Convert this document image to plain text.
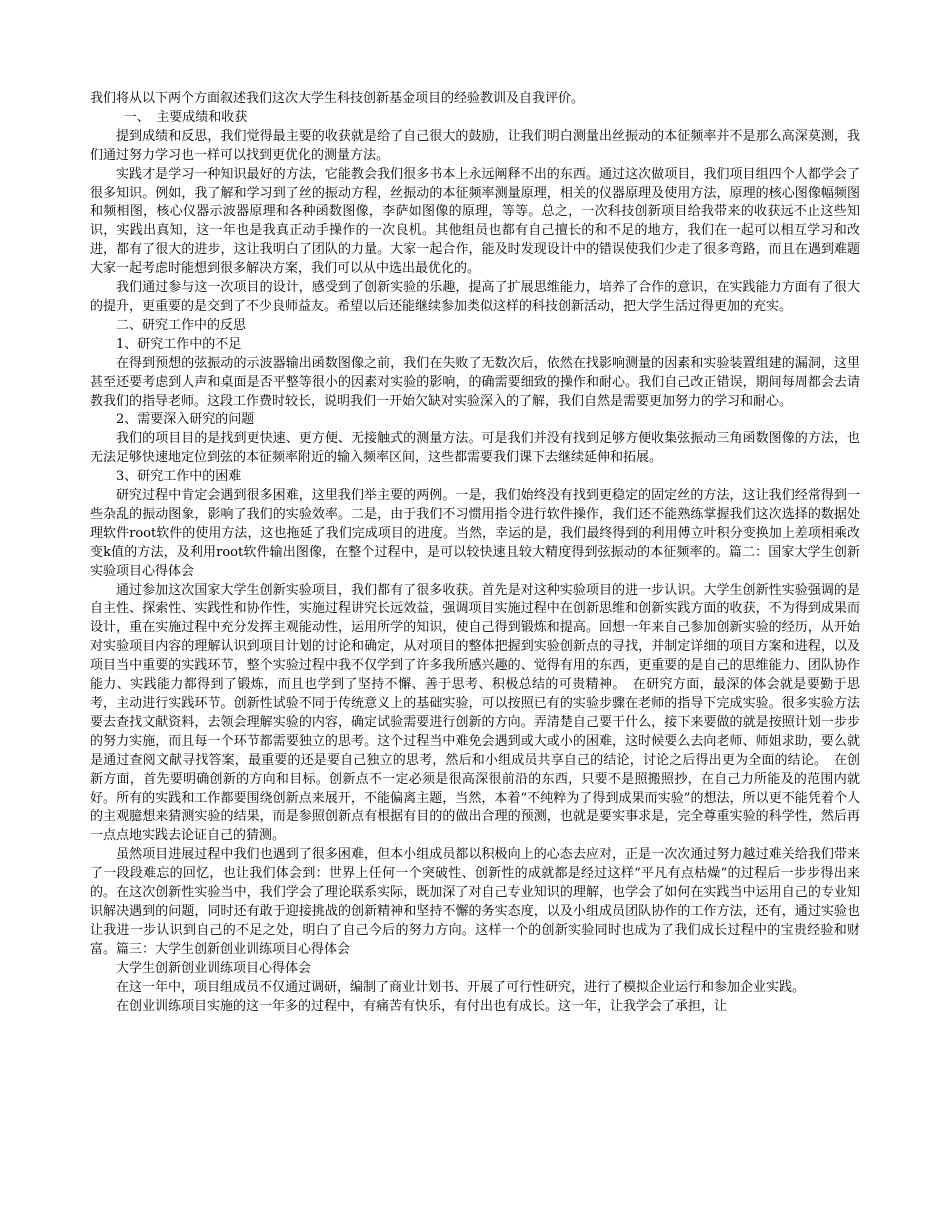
我们将从以下两个方面叙述我们这次大学生科技创新基金项目的经验教训及自我评价。

一、　主要成绩和收获

提到成绩和反思，我们觉得最主要的收获就是给了自己很大的鼓励，让我们明白测量出丝振动的本征频率并不是那么高深莫测，我们通过努力学习也一样可以找到更优化的测量方法。

实践才是学习一种知识最好的方法，它能教会我们很多书本上永远阐释不出的东西。通过这次做项目，我们项目组四个人都学会了很多知识。例如，我了解和学习到了丝的振动方程，丝振动的本征频率测量原理，相关的仪器原理及使用方法，原理的核心图像幅频图和频相图，核心仪器示波器原理和各种函数图像，李萨如图像的原理，等等。总之，一次科技创新项目给我带来的收获远不止这些知识，实践出真知，这一年也是我真正动手操作的一次良机。其他组员也都有自己擅长的和不足的地方，我们在一起可以相互学习和改进，都有了很大的进步，这让我明白了团队的力量。大家一起合作，能及时发现设计中的错误使我们少走了很多弯路，而且在遇到难题大家一起考虑时能想到很多解决方案，我们可以从中选出最优化的。

我们通过参与这一次项目的设计，感受到了创新实验的乐趣，提高了扩展思维能力，培养了合作的意识，在实践能力方面有了很大的提升，更重要的是交到了不少良师益友。希望以后还能继续参加类似这样的科技创新活动，把大学生活过得更加的充实。

二、研究工作中的反思

1、研究工作中的不足

在得到预想的弦振动的示波器输出函数图像之前，我们在失败了无数次后，依然在找影响测量的因素和实验装置组建的漏洞，这里甚至还要考虑到人声和桌面是否平整等很小的因素对实验的影响，的确需要细致的操作和耐心。我们自己改正错误，期间每周都会去请教我们的指导老师。这段工作费时较长，说明我们一开始欠缺对实验深入的了解，我们自然是需要更加努力的学习和耐心。

2、需要深入研究的问题

我们的项目目的是找到更快速、更方便、无接触式的测量方法。可是我们并没有找到足够方便收集弦振动三角函数图像的方法，也无法足够快速地定位到弦的本征频率附近的输入频率区间，这些都需要我们课下去继续延伸和拓展。

3、研究工作中的困难

研究过程中肯定会遇到很多困难，这里我们举主要的两例。一是，我们始终没有找到更稳定的固定丝的方法，这让我们经常得到一些杂乱的振动图象，影响了我们的实验效率。二是，由于我们不习惯用指令进行软件操作，我们还不能熟练掌握我们这次选择的数据处理软件root软件的使用方法，这也拖延了我们完成项目的进度。当然，幸运的是，我们最终得到的利用傅立叶积分变换加上差项相乘改变k值的方法，及利用root软件输出图像，在整个过程中，是可以较快速且较大精度得到弦振动的本征频率的。篇二：国家大学生创新实验项目心得体会

通过参加这次国家大学生创新实验项目，我们都有了很多收获。首先是对这种实验项目的进一步认识。大学生创新性实验强调的是自主性、探索性、实践性和协作性，实施过程讲究长远效益，强调项目实施过程中在创新思维和创新实践方面的收获，不为得到成果而设计，重在实施过程中充分发挥主观能动性，运用所学的知识，使自己得到锻炼和提高。回想一年来自己参加创新实验的经历，从开始对实验项目内容的理解认识到项目计划的讨论和确定，从对项目的整体把握到实验创新点的寻找，并制定详细的项目方案和进程，以及项目当中重要的实践环节，整个实验过程中我不仅学到了许多我所感兴趣的、觉得有用的东西，更重要的是自己的思维能力、团队协作能力、实践能力都得到了锻炼，而且也学到了坚持不懈、善于思考、积极总结的可贵精神。　在研究方面，最深的体会就是要勤于思考，主动进行实践环节。创新性试验不同于传统意义上的基础实验，可以按照已有的实验步骤在老师的指导下完成实验。很多实验方法要去查找文献资料，去领会理解实验的内容，确定试验需要进行创新的方向。弄清楚自己要干什么，接下来要做的就是按照计划一步步的努力实施，而且每一个环节都需要独立的思考。这个过程当中难免会遇到或大或小的困难，这时候要么去向老师、师姐求助，要么就是通过查阅文献寻找答案，最重要的还是要自己独立的思考，然后和小组成员共享自己的结论，讨论之后得出更为全面的结论。　在创新方面，首先要明确创新的方向和目标。创新点不一定必须是很高深很前沿的东西，只要不是照搬照抄，在自己力所能及的范围内就好。所有的实践和工作都要围绕创新点来展开，不能偏离主题，当然，本着“不纯粹为了得到成果而实验”的想法，所以更不能凭着个人的主观臆想来猜测实验的结果，而是参照创新点有根据有目的的做出合理的预测，也就是要实事求是，完全尊重实验的科学性，然后再一点点地实践去论证自己的猜测。

虽然项目进展过程中我们也遇到了很多困难，但本小组成员都以积极向上的心态去应对，正是一次次通过努力越过难关给我们带来了一段段难忘的回忆，也让我们体会到：世界上任何一个突破性、创新性的成就都是经过这样“平凡有点枯燥”的过程后一步步得出来的。在这次创新性实验当中，我们学会了理论联系实际，既加深了对自己专业知识的理解，也学会了如何在实践当中运用自己的专业知识解决遇到的问题，同时还有敢于迎接挑战的创新精神和坚持不懈的务实态度，以及小组成员团队协作的工作方法，还有，通过实验也让我进一步认识到自己的不足之处，明白了自己今后的努力方向。这样一个的创新实验同时也成为了我们成长过程中的宝贵经验和财富。篇三：大学生创新创业训练项目心得体会

大学生创新创业训练项目心得体会

在这一年中，项目组成员不仅通过调研，编制了商业计划书、开展了可行性研究，进行了模拟企业运行和参加企业实践。

在创业训练项目实施的这一年多的过程中，有痛苦有快乐，有付出也有成长。这一年，让我学会了承担，让
